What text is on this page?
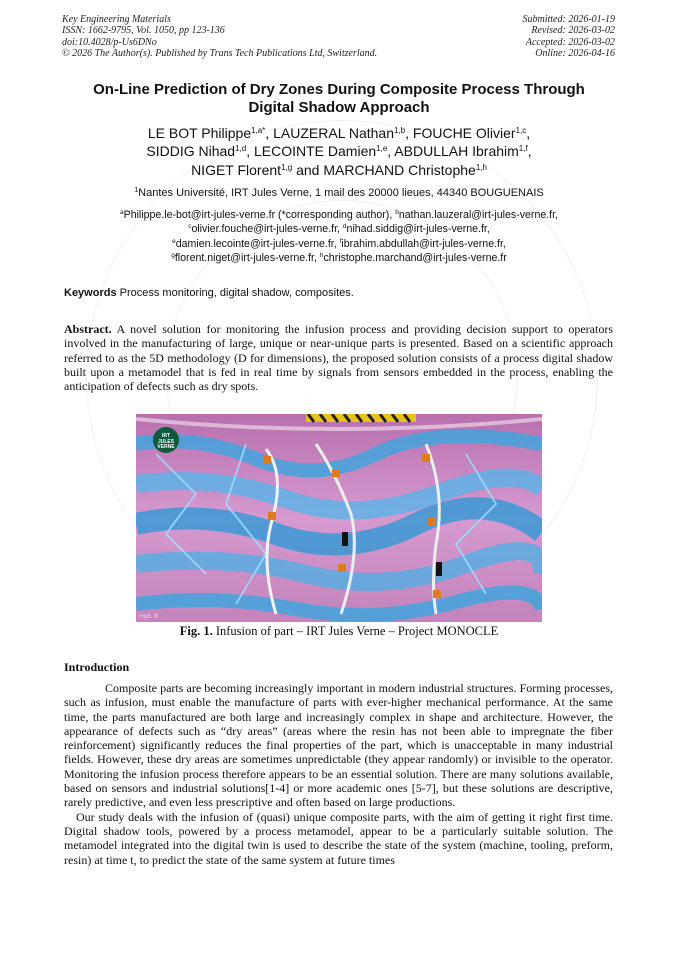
Key Engineering Materials
ISSN: 1662-9795, Vol. 1050, pp 123-136
doi:10.4028/p-Us6DNo
© 2026 The Author(s). Published by Trans Tech Publications Ltd, Switzerland.
Submitted: 2026-01-19
Revised: 2026-03-02
Accepted: 2026-03-02
Online: 2026-04-16
On-Line Prediction of Dry Zones During Composite Process Through
Digital Shadow Approach
LE BOT Philippe$^{1,a*}$, LAUZERAL Nathan$^{1,b}$, FOUCHE Olivier$^{1,c}$,
SIDDIG Nihad$^{1,d}$, LECOINTE Damien$^{1,e}$, ABDULLAH Ibrahim$^{1,f}$,
NIGET Florent$^{1,g}$ and MARCHAND Christophe$^{1,h}$
$^1$Nantes Université, IRT Jules Verne, 1 mail des 20000 lieues, 44340 BOUGUENAIS
$^a$Philippe.le-bot@irt-jules-verne.fr (*corresponding author), $^b$nathan.lauzeral@irt-jules-verne.fr,
$^c$olivier.fouche@irt-jules-verne.fr, $^d$nihad.siddig@irt-jules-verne.fr,
$^e$damien.lecointe@irt-jules-verne.fr, $^f$ibrahim.abdullah@irt-jules-verne.fr,
$^g$florent.niget@irt-jules-verne.fr, $^h$christophe.marchand@irt-jules-verne.fr
Keywords Process monitoring, digital shadow, composites.
Abstract. A novel solution for monitoring the infusion process and providing decision support to operators involved in the manufacturing of large, unique or near-unique parts is presented. Based on a scientific approach referred to as the 5D methodology (D for dimensions), the proposed solution consists of a process digital shadow built upon a metamodel that is fed in real time by signals from sensors embedded in the process, enabling the anticipation of defects such as dry spots.
IRT
JULES
VERNE
Hyd. K
Fig. 1. Infusion of part – IRT Jules Verne – Project MONOCLE
Introduction

Composite parts are becoming increasingly important in modern industrial structures. Forming processes, such as infusion, must enable the manufacture of parts with ever-higher mechanical performance. At the same time, the parts manufactured are both large and increasingly complex in shape and architecture. However, the appearance of defects such as “dry areas” (areas where the resin has not been able to impregnate the fiber reinforcement) significantly reduces the final properties of the part, which is unacceptable in many industrial fields. However, these dry areas are sometimes unpredictable (they appear randomly) or invisible to the operator. Monitoring the infusion process therefore appears to be an essential solution. There are many solutions available, based on sensors and industrial solutions[1-4] or more academic ones [5-7], but these solutions are descriptive, rarely predictive, and even less prescriptive and often based on large productions.

Our study deals with the infusion of (quasi) unique composite parts, with the aim of getting it right first time. Digital shadow tools, powered by a process metamodel, appear to be a particularly suitable solution. The metamodel integrated into the digital twin is used to describe the state of the system (machine, tooling, preform, resin) at time t, to predict the state of the same system at future times
